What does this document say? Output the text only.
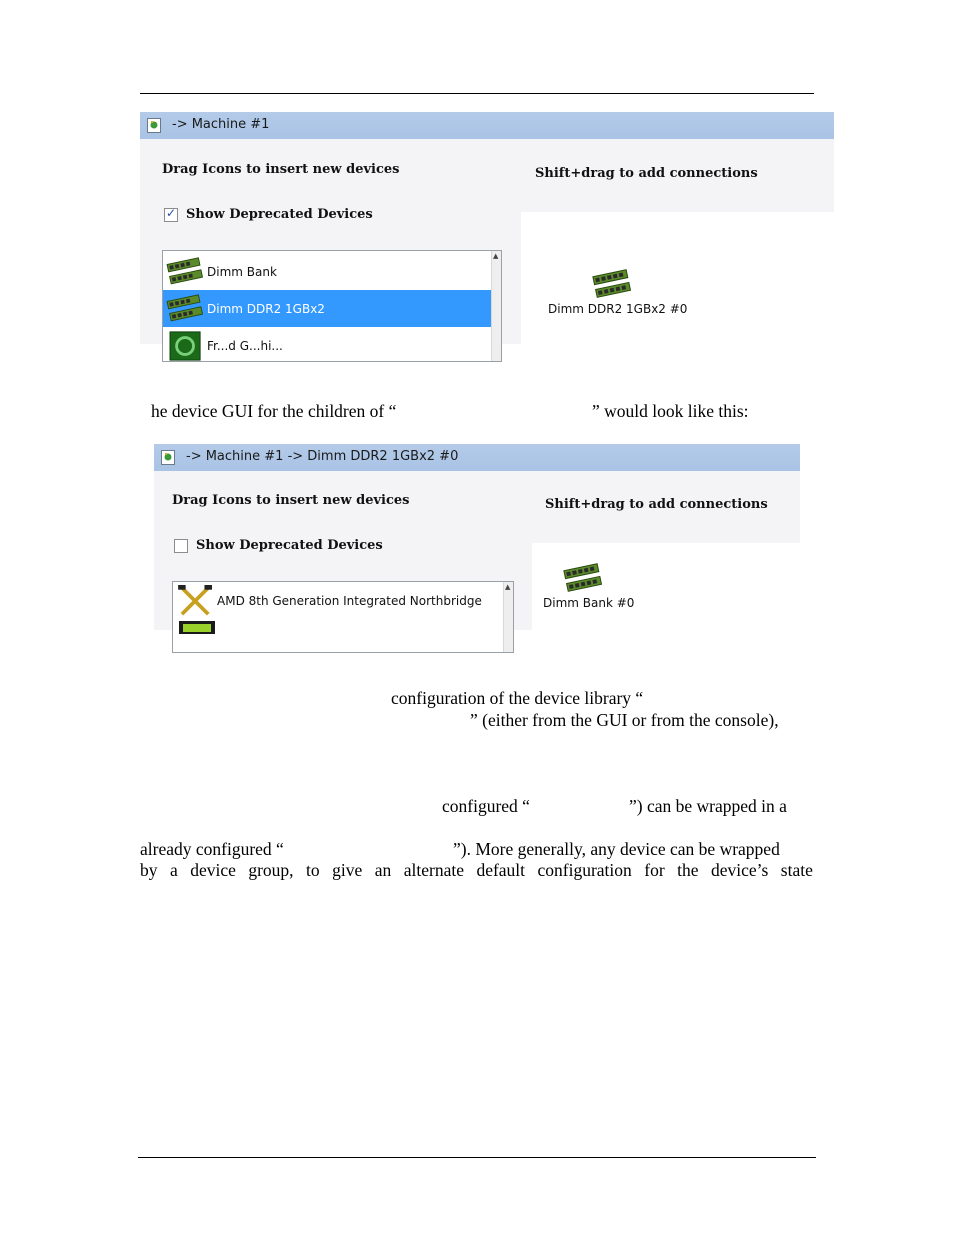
-> Machine #1
Drag Icons to insert new devices	Shift+drag to add connections
✓
Show Deprecated Devices
Dimm DDR2 1GBx2 #0
Dimm Bank
Dimm DDR2 1GBx2
Fr...d G...hi...
▲
he device GUI for the children of “	” would look like this:
-> Machine #1 -> Dimm DDR2 1GBx2 #0
Drag Icons to insert new devices	Shift+drag to add connections
Show Deprecated Devices
Dimm Bank #0
AMD 8th Generation Integrated Northbridge
▲
configuration of the device library “
” (either from the GUI or from the console),
configured “	”) can be wrapped in a
already configured “	”). More generally, any device can be wrapped
by a device group, to give an alternate default configuration for the device’s state
